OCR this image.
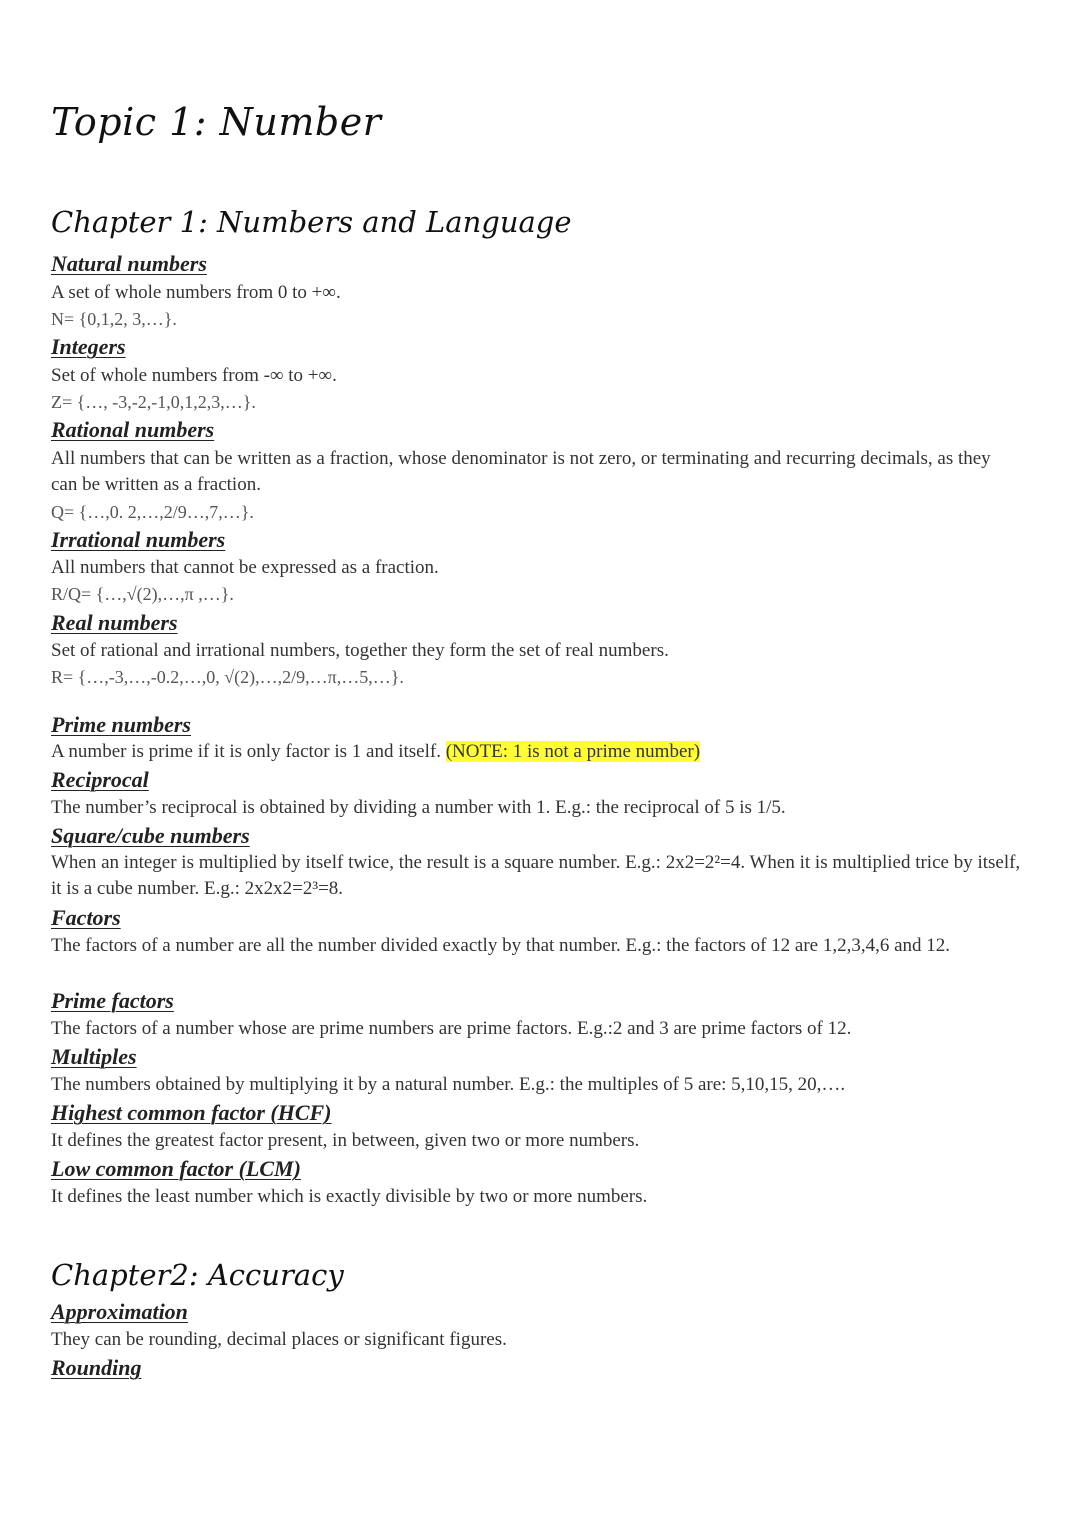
Topic 1: Number
Chapter 1: Numbers and Language
Natural numbers
A set of whole numbers from 0 to +∞.
N= {0,1,2, 3,…}.
Integers
Set of whole numbers from -∞ to +∞.
Z= {…, -3,-2,-1,0,1,2,3,…}.
Rational numbers
All numbers that can be written as a fraction, whose denominator is not zero, or terminating and recurring decimals, as they can be written as a fraction.
Q= {…,0. 2,…,2/9…,7,…}.
Irrational numbers
All numbers that cannot be expressed as a fraction.
R/Q= {…,√(2),…,π ,…}.
Real numbers
Set of rational and irrational numbers, together they form the set of real numbers.
R= {…,-3,…,-0.2,…,0, √(2),…,2/9,…π,…5,…}.
Prime numbers
A number is prime if it is only factor is 1 and itself. (NOTE: 1 is not a prime number)
Reciprocal
The number’s reciprocal is obtained by dividing a number with 1. E.g.: the reciprocal of 5 is 1/5.
Square/cube numbers
When an integer is multiplied by itself twice, the result is a square number. E.g.: 2x2=2²=4. When it is multiplied trice by itself, it is a cube number. E.g.: 2x2x2=2³=8.
Factors
The factors of a number are all the number divided exactly by that number. E.g.: the factors of 12 are 1,2,3,4,6 and 12.
Prime factors
The factors of a number whose are prime numbers are prime factors. E.g.:2 and 3 are prime factors of 12.
Multiples
The numbers obtained by multiplying it by a natural number. E.g.: the multiples of 5 are: 5,10,15, 20,….
Highest common factor (HCF)
It defines the greatest factor present, in between, given two or more numbers.
Low common factor (LCM)
It defines the least number which is exactly divisible by two or more numbers.
Chapter2: Accuracy
Approximation
They can be rounding, decimal places or significant figures.
Rounding
